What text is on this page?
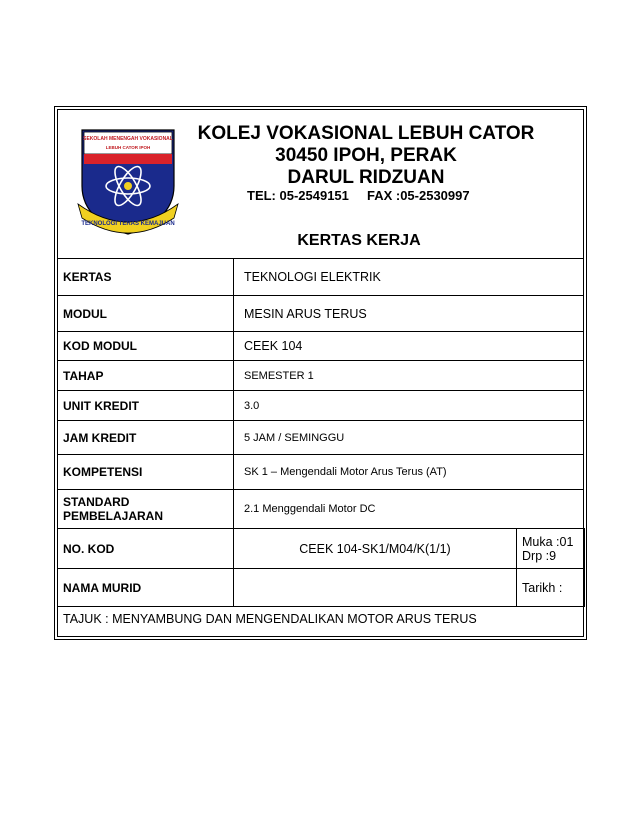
SEKOLAH MENENGAH VOKASIONAL
LEBUH CATOR IPOH
TEKNOLOGI TERAS KEMAJUAN
KOLEJ VOKASIONAL LEBUH CATOR
30450 IPOH, PERAK
DARUL RIDZUAN
TEL: 05-2549151 FAX :05-2530997
KERTAS KERJA
KERTAS	TEKNOLOGI ELEKTRIK
MODUL	MESIN ARUS TERUS
KOD MODUL	CEEK 104
TAHAP	SEMESTER 1
UNIT KREDIT	3.0
JAM KREDIT	5 JAM / SEMINGGU
KOMPETENSI	SK 1 – Mengendali Motor Arus Terus (AT)

STANDARD
PEMBELAJARAN	2.1 Menggendali Motor DC
NO. KOD	CEEK 104-SK1/M04/K(1/1)	Muka :01 Drp :9
NAMA MURID		Tarikh :
TAJUK : MENYAMBUNG DAN MENGENDALIKAN MOTOR ARUS TERUS
